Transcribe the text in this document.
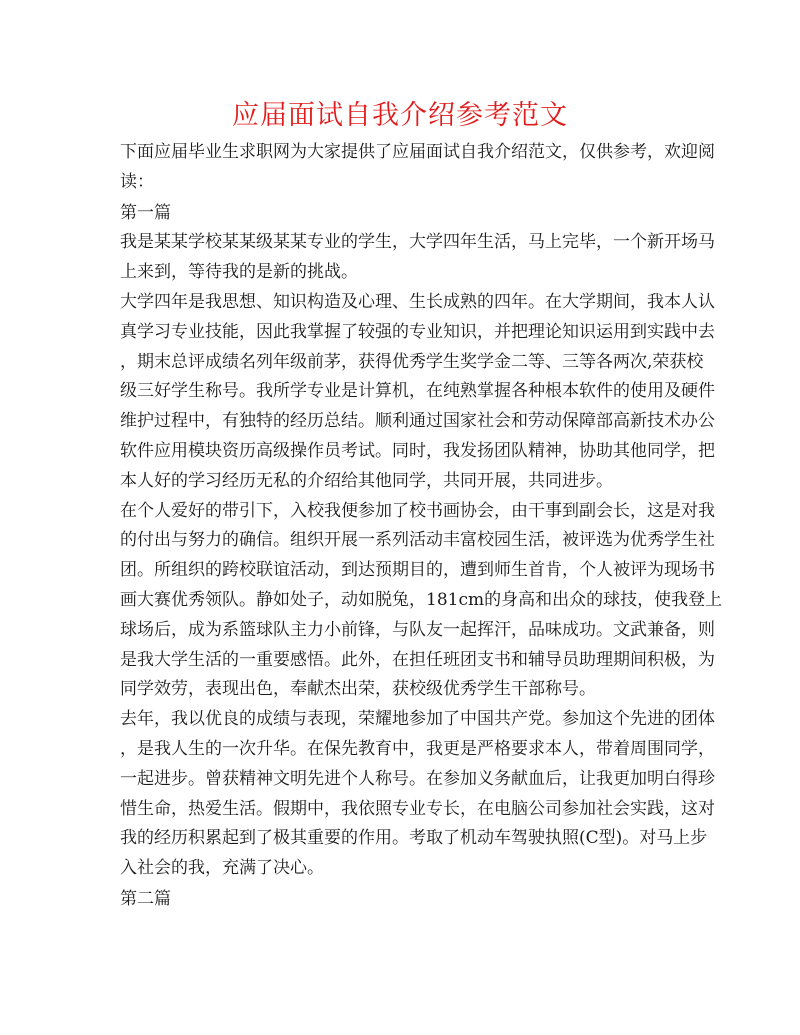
应届面试自我介绍参考范文

下面应届毕业生求职网为大家提供了应届面试自我介绍范文，仅供参考，欢迎阅
读：

第一篇

我是某某学校某某级某某专业的学生，大学四年生活，马上完毕，一个新开场马
上来到，等待我的是新的挑战。

大学四年是我思想、知识构造及心理、生长成熟的四年。在大学期间，我本人认
真学习专业技能，因此我掌握了较强的专业知识，并把理论知识运用到实践中去
，期末总评成绩名列年级前茅，获得优秀学生奖学金二等、三等各两次,荣获校
级三好学生称号。我所学专业是计算机，在纯熟掌握各种根本软件的使用及硬件
维护过程中，有独特的经历总结。顺利通过国家社会和劳动保障部高新技术办公
软件应用模块资历高级操作员考试。同时，我发扬团队精神，协助其他同学，把
本人好的学习经历无私的介绍给其他同学，共同开展，共同进步。

在个人爱好的带引下，入校我便参加了校书画协会，由干事到副会长，这是对我
的付出与努力的确信。组织开展一系列活动丰富校园生活，被评选为优秀学生社
团。所组织的跨校联谊活动，到达预期目的，遭到师生首肯，个人被评为现场书
画大赛优秀领队。静如处子，动如脱兔，181cm的身高和出众的球技，使我登上
球场后，成为系篮球队主力小前锋，与队友一起挥汗，品味成功。文武兼备，则
是我大学生活的一重要感悟。此外，在担任班团支书和辅导员助理期间积极，为
同学效劳，表现出色，奉献杰出荣，获校级优秀学生干部称号。

去年，我以优良的成绩与表现，荣耀地参加了中国共产党。参加这个先进的团体
，是我人生的一次升华。在保先教育中，我更是严格要求本人，带着周围同学，
一起进步。曾获精神文明先进个人称号。在参加义务献血后，让我更加明白得珍
惜生命，热爱生活。假期中，我依照专业专长，在电脑公司参加社会实践，这对
我的经历积累起到了极其重要的作用。考取了机动车驾驶执照(C型)。对马上步
入社会的我，充满了决心。

第二篇
